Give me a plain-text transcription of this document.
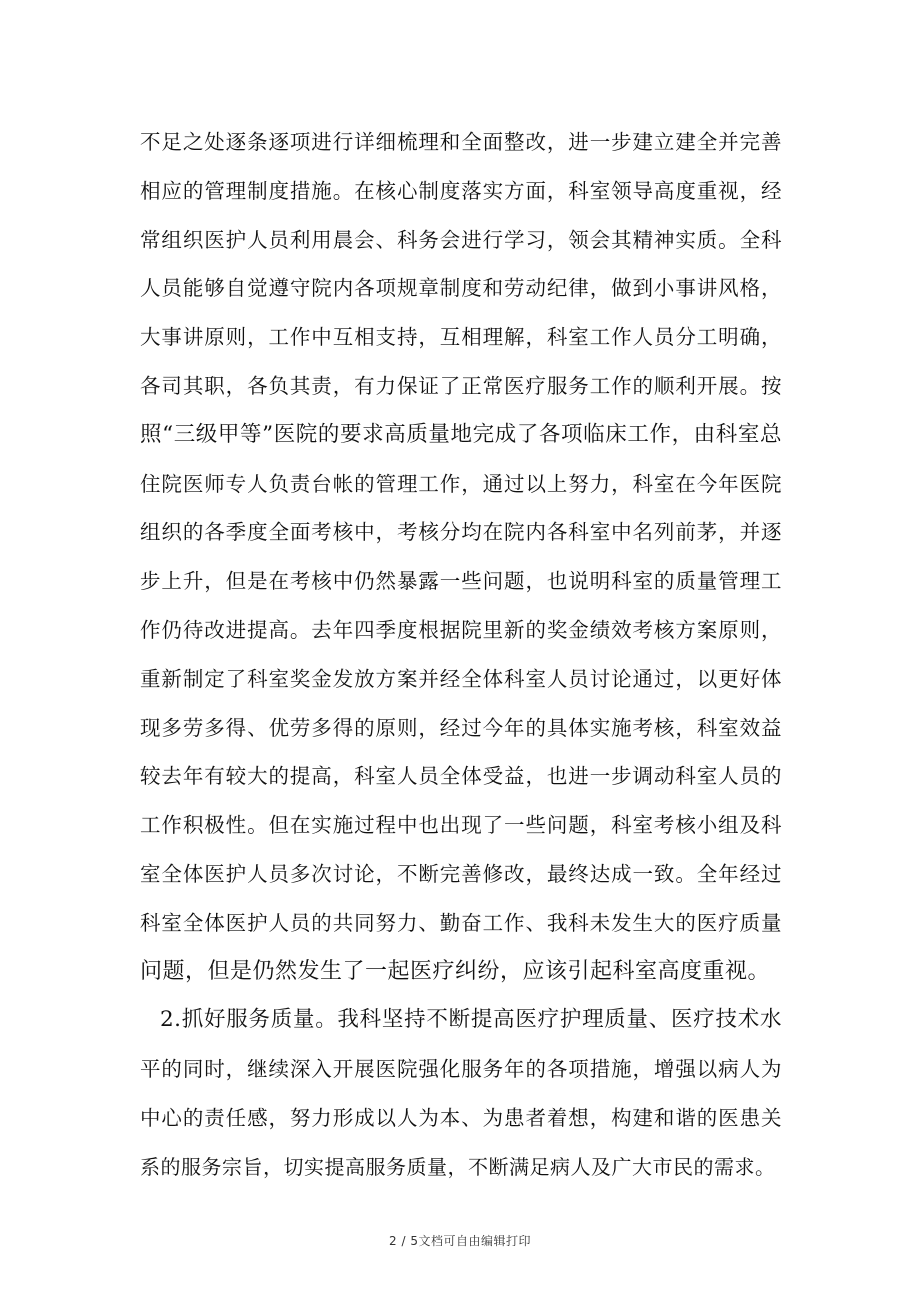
不足之处逐条逐项进行详细梳理和全面整改，进一步建立建全并完善
相应的管理制度措施。在核心制度落实方面，科室领导高度重视，经
常组织医护人员利用晨会、科务会进行学习，领会其精神实质。全科
人员能够自觉遵守院内各项规章制度和劳动纪律，做到小事讲风格，
大事讲原则，工作中互相支持，互相理解，科室工作人员分工明确，
各司其职，各负其责，有力保证了正常医疗服务工作的顺利开展。按
照“三级甲等”医院的要求高质量地完成了各项临床工作，由科室总
住院医师专人负责台帐的管理工作，通过以上努力，科室在今年医院
组织的各季度全面考核中，考核分均在院内各科室中名列前茅，并逐
步上升，但是在考核中仍然暴露一些问题，也说明科室的质量管理工
作仍待改进提高。去年四季度根据院里新的奖金绩效考核方案原则，
重新制定了科室奖金发放方案并经全体科室人员讨论通过，以更好体
现多劳多得、优劳多得的原则，经过今年的具体实施考核，科室效益
较去年有较大的提高，科室人员全体受益，也进一步调动科室人员的
工作积极性。但在实施过程中也出现了一些问题，科室考核小组及科
室全体医护人员多次讨论，不断完善修改，最终达成一致。全年经过
科室全体医护人员的共同努力、勤奋工作、我科未发生大的医疗质量
问题，但是仍然发生了一起医疗纠纷，应该引起科室高度重视。
2.抓好服务质量。我科坚持不断提高医疗护理质量、医疗技术水
平的同时，继续深入开展医院强化服务年的各项措施，增强以病人为
中心的责任感，努力形成以人为本、为患者着想，构建和谐的医患关
系的服务宗旨，切实提高服务质量，不断满足病人及广大市民的需求。
2 / 5文档可自由编辑打印
